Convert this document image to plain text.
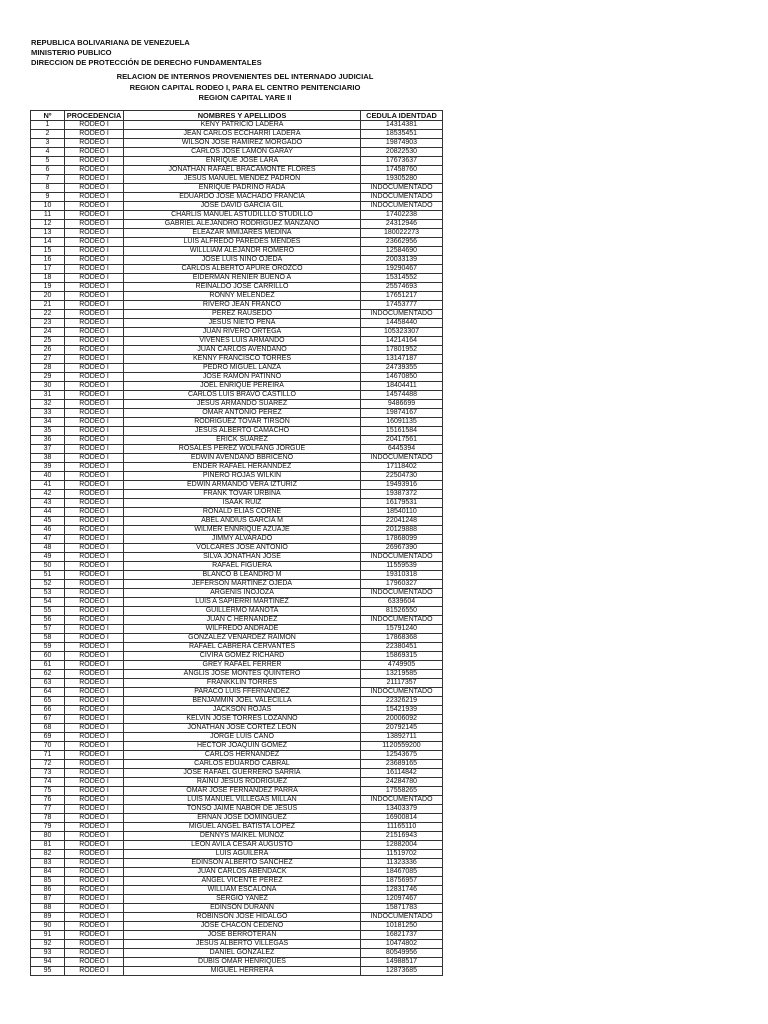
REPUBLICA BOLIVARIANA DE VENEZUELA
MINISTERIO PUBLICO
DIRECCION DE PROTECCIÓN DE DERECHO FUNDAMENTALES
RELACION DE INTERNOS PROVENIENTES DEL INTERNADO JUDICIAL
REGION CAPITAL RODEO I, PARA EL CENTRO PENITENCIARIO
REGION CAPITAL YARE II
Nº	PROCEDENCIA	NOMBRES Y APELLIDOS	CEDULA IDENTDAD
1	RODEO I	KENY PATRICIO LADERA	14314381
2	RODEO I	JEAN CARLOS ECCHARRI LADERA	18535451
3	RODEO I	WILSON JOSE RAMIREZ MORGADO	19874903
4	RODEO I	CARLOS JOSE LAMON GARAY	20822530
5	RODEO I	ENRIQUE JOSE LARA	17673637
6	RODEO I	JONATHAN RAFAEL BRACAMONTE FLORES	17458760
7	RODEO I	JESUS MANUEL MENDEZ PADRON	19305280
8	RODEO I	ENRIQUE PADRINO RADA	INDOCUMENTADO
9	RODEO I	EDUARDO JOSE MACHADO FRANCIA	INDOCUMENTADO
10	RODEO I	JOSE DAVID GARCIA GIL	INDOCUMENTADO
11	RODEO I	CHARLIS MANUEL ASTUDILLLO STUDILLO	17402238
12	RODEO I	GABRIEL ALEJANDRO RODRIGUEZ MANZANO	24312946
13	RODEO I	ELEAZAR MMIJARES MEDINA	180022273
14	RODEO I	LUIS ALFREDO PAREDES MENDES	23662956
15	RODEO I	WILLLIAM ALEJANDR ROMERO	12584690
16	RODEO I	JOSE LUIS NINO OJEDA	20033139
17	RODEO I	CARLOS ALBERTO APURE OROZCO	19290467
18	RODEO I	EIDERMAN RENIER BUENO A	15314552
19	RODEO I	REINALDO JOSE CARRILLO	25574693
20	RODEO I	RONNY MELENDEZ	17651217
21	RODEO I	RIVERO JEAN FRANCO	17453777
22	RODEO I	PEREZ RAUSEDO	INDOCUMENTADO
23	RODEO I	JESUS NIETO PEÑA	14458440
24	RODEO I	JUAN RIVERO ORTEGA	105323307
25	RODEO I	VIVENES LUIS ARMANDO	14214164
26	RODEO I	JUAN CARLOS AVENDANO	17801952
27	RODEO I	KENNY FRANCISCO TORRES	13147187
28	RODEO I	PEDRO MIGUEL LANZA	24739355
29	RODEO I	JOSE RAMON PATINNO	14670850
30	RODEO I	JOEL ENRIQUE PEREIRA	18404411
31	RODEO I	CARLOS LUIS BRAVO CASTILLO	14574488
32	RODEO I	JESUS ARMANDO SUAREZ	9486699
33	RODEO I	OMAR ANTONIO PEREZ	19874167
34	RODEO I	RODRIGUEZ TOVAR TIRSON	16091135
35	RODEO I	JESUS ALBERTO CAMACHO	15161584
36	RODEO I	ERICK SUAREZ	20417561
37	RODEO I	ROSALES PEREZ WOLFANG JORGUE	6445394
38	RODEO I	EDWIN AVENDANO BBRICENO	INDOCUMENTADO
39	RODEO I	ENDER RAFAEL HERANNDEZ	17118402
40	RODEO I	PIÑERO ROJAS WILKIN	22504730
41	RODEO I	EDWIN ARMANDO VERA IZTURIZ	19493916
42	RODEO I	FRANK TOVAR URBINA	19387372
43	RODEO I	ISAAK RUIZ	16179531
44	RODEO I	RONALD ELIAS CORNE	18540110
45	RODEO I	ABEL ANDIUS GARCIA M	22041248
46	RODEO I	WILMER ENNRIQUE AZUAJE	20129888
47	RODEO I	JIMMY ALVARADO	17868099
48	RODEO I	VOLCARES JOSE ANTONIO	26967390
49	RODEO I	SILVA JONATHAN JOSE	INDOCUMENTADO
50	RODEO I	RAFAEL FIGUERA	11559539
51	RODEO I	BLANCO B LEANDRO M	19310318
52	RODEO I	JEFERSON MARTINEZ OJEDA	17960327
53	RODEO I	ARGENIS INOJOZA	INDOCUMENTADO
54	RODEO I	LUIS A SAPIERRI MARTINEZ	6339604
55	RODEO I	GUILLERMO MANOTA	81526550
56	RODEO I	JUAN C HERNANDEZ	INDOCUMENTADO
57	RODEO I	WILFREDO ANDRADE	15791240
58	RODEO I	GONZALEZ VENARDEZ RAIMON	17868368
59	RODEO I	RAFAEL CABRERA CERVANTES	22380451
60	RODEO I	CIVIRA GOMEZ RICHARD	15869315
61	RODEO I	GREY RAFAEL FERRER	4749905
62	RODEO I	ANGLIS JOSE MONTES QUINTERO	13219585
63	RODEO I	FRANKKLIN TORRES	21117357
64	RODEO I	PARACO LUIS FFERNANDEZ	INDOCUMENTADO
65	RODEO I	BENJAMMIN JOEL VALECILLA	22326219
66	RODEO I	JACKSON ROJAS	15421939
67	RODEO I	KELVIN JOSE TORRES LOZANNO	20006092
68	RODEO I	JONATHAN JOSE CORTEZ LEON	20792145
69	RODEO I	JORGE LUIS CANO	13892711
70	RODEO I	HECTOR JOAQUIN GOMEZ	1120559200
71	RODEO I	CARLOS HERNANDEZ	12543675
72	RODEO I	CARLOS EDUARDO CABRAL	23689165
73	RODEO I	JOSE RAFAEL GUERRERO SARRIA	16114842
74	RODEO I	RAINU JESUS RODRIGUEZ	24284780
75	RODEO I	OMAR JOSE FERNANDEZ PARRA	17558265
76	RODEO I	LUIS MANUEL VILLEGAS MILLAN	INDOCUMENTADO
77	RODEO I	TONSO JAIME NABOR DE JESUS	13403379
78	RODEO I	ERNAN JOSE DOMINGUEZ	16900814
79	RODEO I	MIGUEL ANGEL BATISTA LOPEZ	11165110
80	RODEO I	DENNYS MAIKEL MUNOZ	21516943
81	RODEO I	LEON AVILA CESAR AUGUSTO	12882004
82	RODEO I	LUIS AGUILERA	11519702
83	RODEO I	EDINSON ALBERTO SANCHEZ	11323336
84	RODEO I	JUAN CARLOS ABENDACK	18467085
85	RODEO I	ANGEL VICENTE PEREZ	18756957
86	RODEO I	WILLIAM ESCALONA	12831746
87	RODEO I	SERGIO YANEZ	12097467
88	RODEO I	EDINSON DURANN	15871783
89	RODEO I	ROBINSON JOSE HIDALGO	INDOCUMENTADO
90	RODEO I	JOSE CHACON CEDEÑO	10181250
91	RODEO I	JOSE BERROTERAN	16821737
92	RODEO I	JESUS ALBERTO VILLEGAS	10474802
93	RODEO I	DANIEL GONZALEZ	80549956
94	RODEO I	DUBIS OMAR HENRIQUES	14988517
95	RODEO I	MIGUEL HERRERA	12873685
